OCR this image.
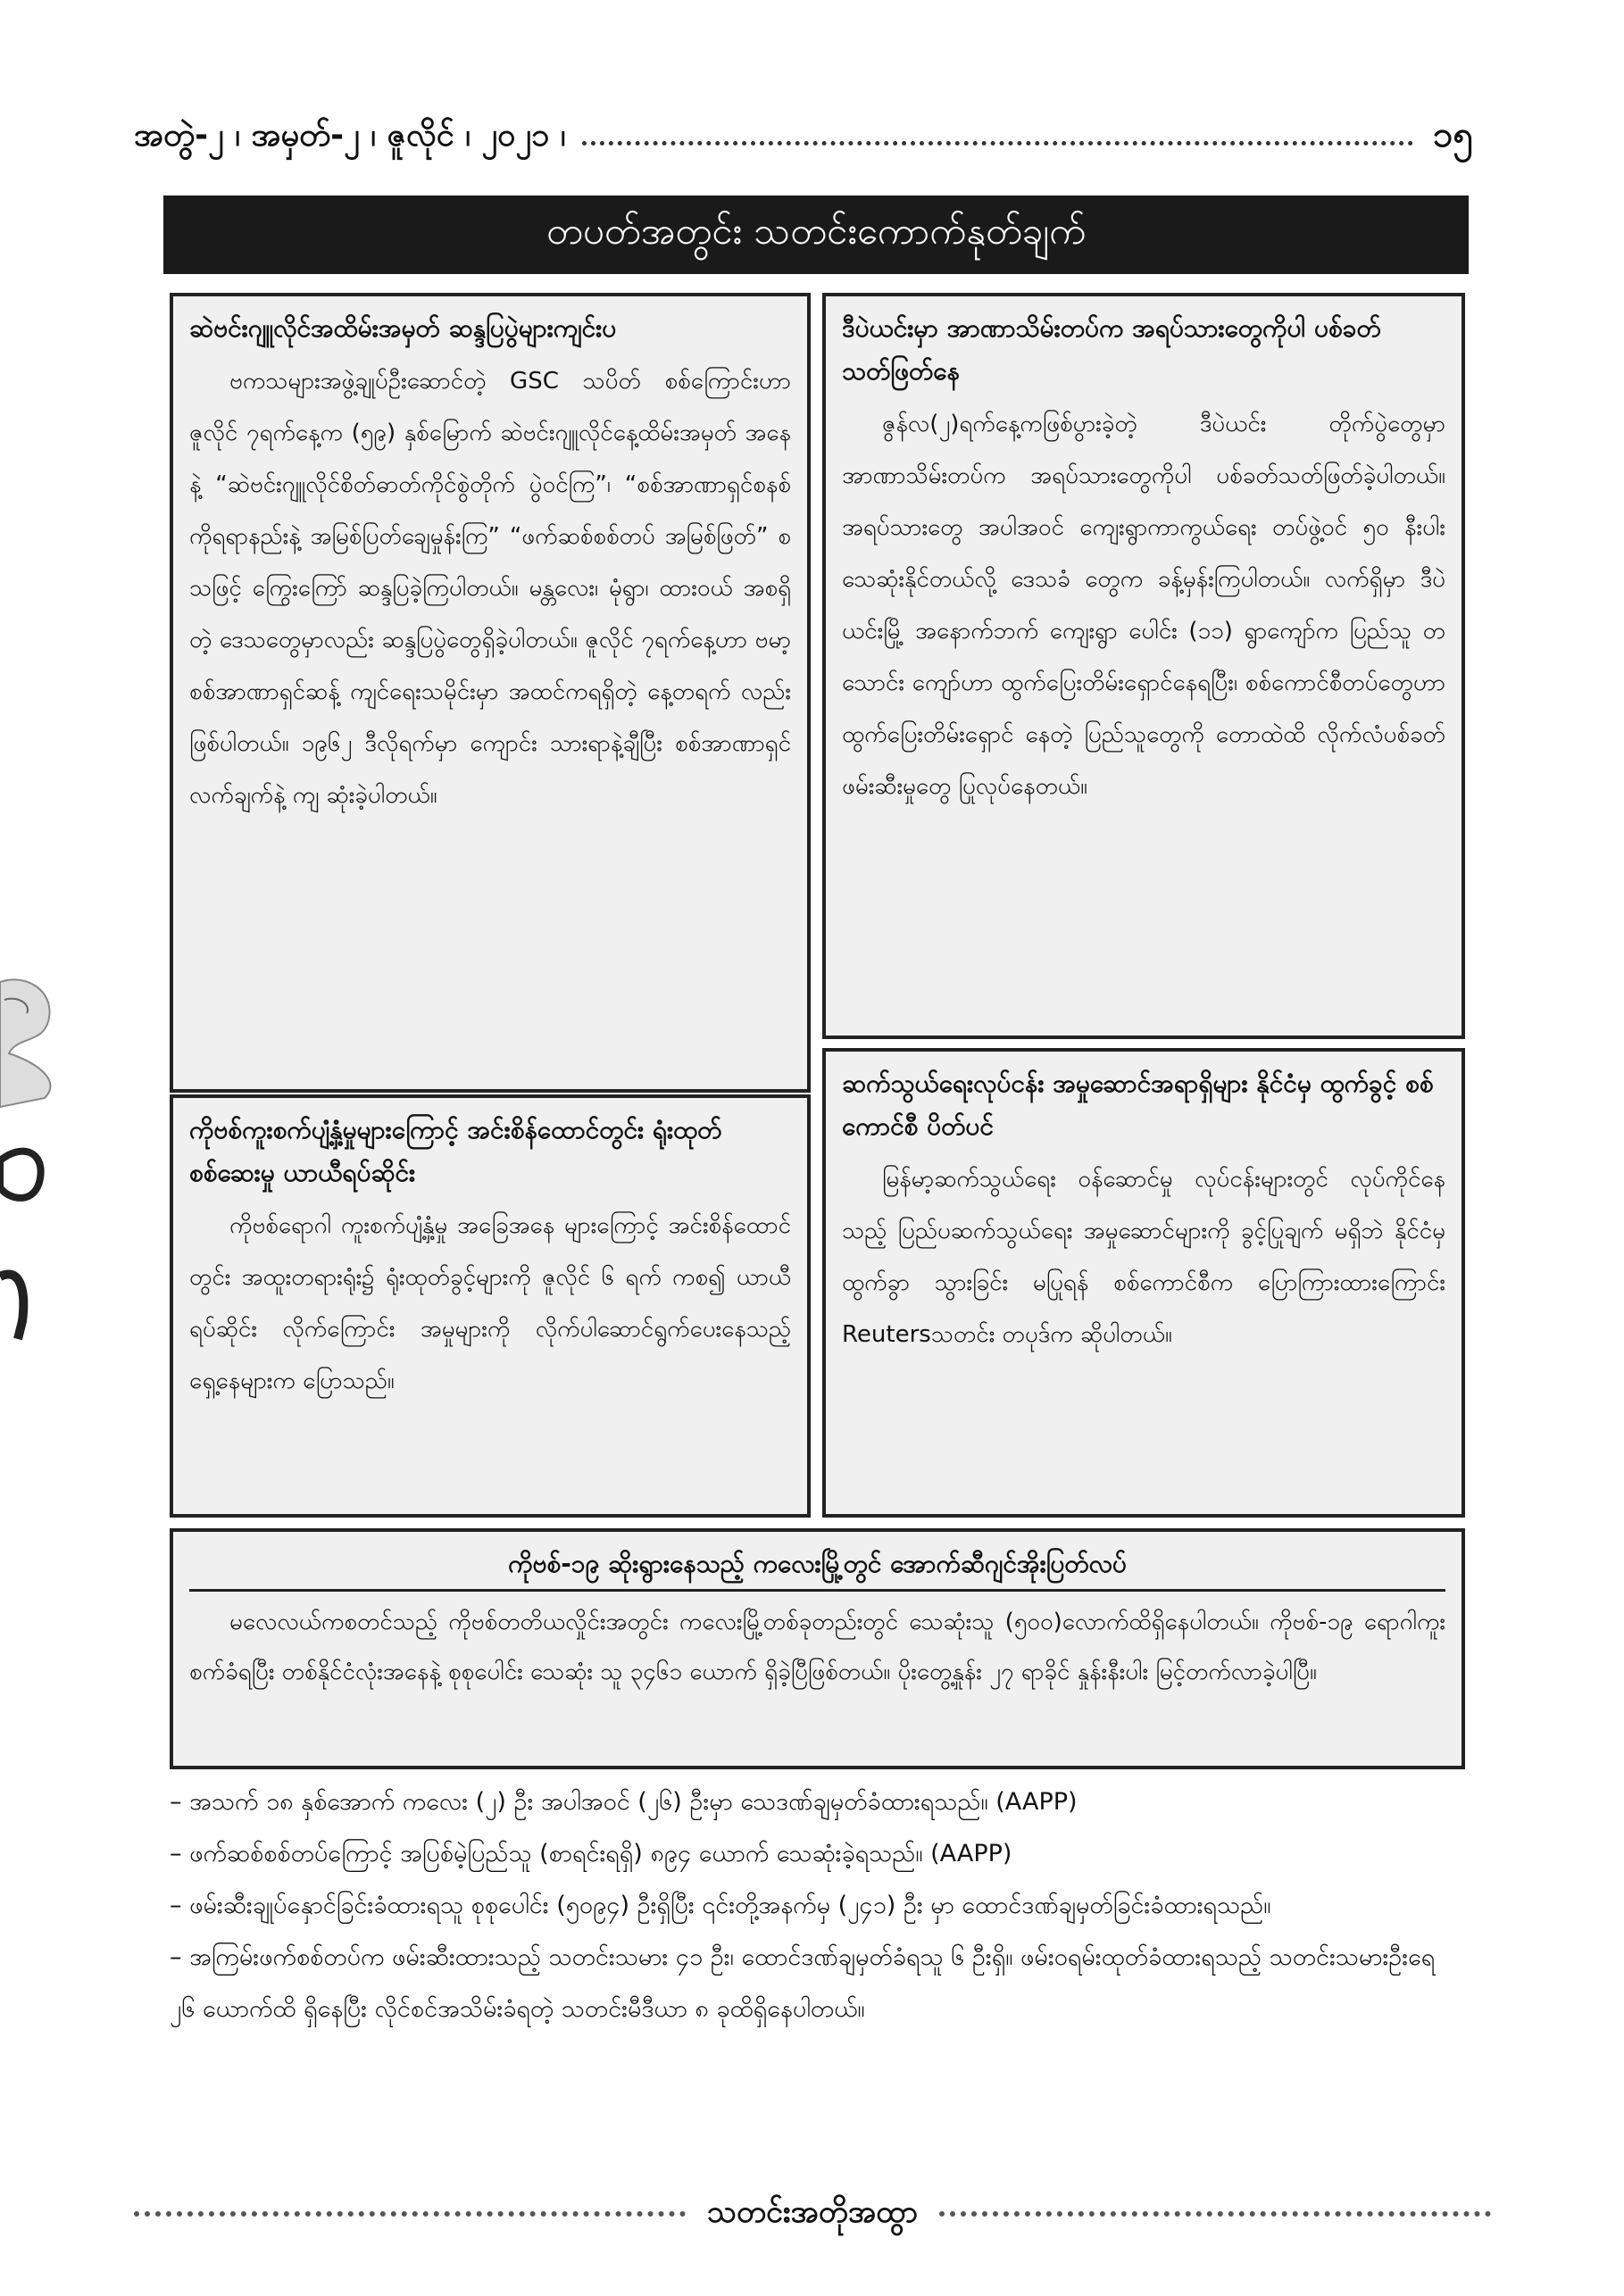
အတွဲ-၂ ၊ အမှတ်-၂ ၊ ဇူလိုင် ၊ ၂၀၂၁ ၊	၁၅
တပတ်အတွင်း သတင်းကောက်နုတ်ချက်

ဆဲဗင်းဂျူလိုင်အထိမ်းအမှတ် ဆန္ဒပြပွဲများကျင်းပ

ဗကသများအဖွဲ့ချုပ်ဦးဆောင်တဲ့ GSC သပိတ် စစ်ကြောင်းဟာ ဇူလိုင် ၇ရက်နေ့က (၅၉) နှစ်မြောက် ဆဲဗင်းဂျူလိုင်နေ့ထိမ်းအမှတ် အနေနဲ့ “ဆဲဗင်းဂျူလိုင်စိတ်ဓာတ်ကိုင်စွဲတိုက် ပွဲဝင်ကြ”၊ “စစ်အာဏာရှင်စနစ်ကိုရရာနည်းနဲ့ အမြစ်ပြတ်ချေမှုန်းကြ” “ဖက်ဆစ်စစ်တပ် အမြစ်ဖြတ်” စသဖြင့် ကြွေးကြော် ဆန္ဒပြခဲ့ကြပါတယ်။ မန္တလေး၊ မုံရွာ၊ ထားဝယ် အစရှိတဲ့ ဒေသတွေမှာလည်း ဆန္ဒပြပွဲတွေရှိခဲ့ပါတယ်။ ဇူလိုင် ၇ရက်နေ့ဟာ ဗမာ့စစ်အာဏာရှင်ဆန့် ကျင်ရေးသမိုင်းမှာ အထင်ကရရှိတဲ့ နေ့တရက် လည်းဖြစ်ပါတယ်။ ၁၉၆၂ ဒီလိုရက်မှာ ကျောင်း သားရာနဲ့ချီပြီး စစ်အာဏာရှင်လက်ချက်နဲ့ ကျ ဆုံးခဲ့ပါတယ်။

ကိုဗစ်ကူးစက်ပျံ့နှံ့မှုများကြောင့် အင်းစိန်ထောင်တွင်း ရုံးထုတ်စစ်ဆေးမှု ယာယီရပ်ဆိုင်း

ကိုဗစ်ရောဂါ ကူးစက်ပျံ့နှံ့မှု အခြေအနေ များကြောင့် အင်းစိန်ထောင်တွင်း အထူးတရားရုံး၌ ရုံးထုတ်ခွင့်များကို ဇူလိုင် ၆ ရက် ကစ၍ ယာယီ ရပ်ဆိုင်း လိုက်ကြောင်း အမှုများကို လိုက်ပါဆောင်ရွက်ပေးနေသည့် ရှေ့နေများက ပြောသည်။

ဒီပဲယင်းမှာ အာဏာသိမ်းတပ်က အရပ်သားတွေကိုပါ ပစ်ခတ်သတ်ဖြတ်နေ

ဇွန်လ(၂)ရက်နေ့ကဖြစ်ပွားခဲ့တဲ့ ဒီပဲယင်း တိုက်ပွဲတွေမှာ အာဏာသိမ်းတပ်က အရပ်သားတွေကိုပါ ပစ်ခတ်သတ်ဖြတ်ခဲ့ပါတယ်။ အရပ်သားတွေ အပါအဝင် ကျေးရွာကာကွယ်ရေး တပ်ဖွဲ့ဝင် ၅၀ နီးပါး သေဆုံးနိုင်တယ်လို့ ဒေသခံ တွေက ခန့်မှန်းကြပါတယ်။ လက်ရှိမှာ ဒီပဲယင်းမြို့ အနောက်ဘက် ကျေးရွာ ပေါင်း (၁၁) ရွာကျော်က ပြည်သူ တသောင်း ကျော်ဟာ ထွက်ပြေးတိမ်းရှောင်နေရပြီး၊ စစ်ကောင်စီတပ်တွေဟာ ထွက်ပြေးတိမ်းရှောင် နေတဲ့ ပြည်သူတွေကို တောထဲထိ လိုက်လံပစ်ခတ် ဖမ်းဆီးမှုတွေ ပြုလုပ်နေတယ်။

ဆက်သွယ်ရေးလုပ်ငန်း အမှုဆောင်အရာရှိများ နိုင်ငံမှ ထွက်ခွင့် စစ်ကောင်စီ ပိတ်ပင်

မြန်မာ့ဆက်သွယ်ရေး ဝန်ဆောင်မှု လုပ်ငန်းများတွင် လုပ်ကိုင်နေသည့် ပြည်ပဆက်သွယ်ရေး အမှုဆောင်များကို ခွင့်ပြုချက် မရှိဘဲ နိုင်ငံမှ ထွက်ခွာ သွားခြင်း မပြုရန် စစ်ကောင်စီက ပြောကြားထားကြောင်း Reutersသတင်း တပုဒ်က ဆိုပါတယ်။

ကိုဗစ်-၁၉ ဆိုးရွားနေသည့် ကလေးမြို့တွင် အောက်ဆီဂျင်အိုးပြတ်လပ်

မလေလယ်ကစတင်သည့် ကိုဗစ်တတိယလှိုင်းအတွင်း ကလေးမြို့တစ်ခုတည်းတွင် သေဆုံးသူ (၅၀၀)လောက်ထိရှိနေပါတယ်။ ကိုဗစ်-၁၉ ရောဂါကူးစက်ခံရပြီး တစ်နိုင်ငံလုံးအနေနဲ့ စုစုပေါင်း သေဆုံး သူ ၃၄၆၁ ယောက် ရှိခဲ့ပြီဖြစ်တယ်။ ပိုးတွေ့နှုန်း ၂၇ ရာခိုင် နှုန်းနီးပါး မြင့်တက်လာခဲ့ပါပြီ။

– အသက် ၁၈ နှစ်အောက် ကလေး (၂) ဦး အပါအဝင် (၂၆) ဦးမှာ သေဒဏ်ချမှတ်ခံထားရသည်။ (AAPP)
– ဖက်ဆစ်စစ်တပ်ကြောင့် အပြစ်မဲ့ပြည်သူ (စာရင်းရရှိ) ၈၉၄ ယောက် သေဆုံးခဲ့ရသည်။ (AAPP)
– ဖမ်းဆီးချုပ်နှောင်ခြင်းခံထားရသူ စုစုပေါင်း (၅၀၉၄) ဦးရှိပြီး ၎င်းတို့အနက်မှ (၂၄၁) ဦး မှာ ထောင်ဒဏ်ချမှတ်ခြင်းခံထားရသည်။
– အကြမ်းဖက်စစ်တပ်က ဖမ်းဆီးထားသည့် သတင်းသမား ၄၁ ဦး၊ ထောင်ဒဏ်ချမှတ်ခံရသူ ၆ ဦးရှိ။ ဖမ်းဝရမ်းထုတ်ခံထားရသည့် သတင်းသမားဦးရေ ၂၆ ယောက်ထိ ရှိနေပြီး လိုင်စင်အသိမ်းခံရတဲ့ သတင်းမီဒီယာ ၈ ခုထိရှိနေပါတယ်။
သတင်းအတိုအထွာ
